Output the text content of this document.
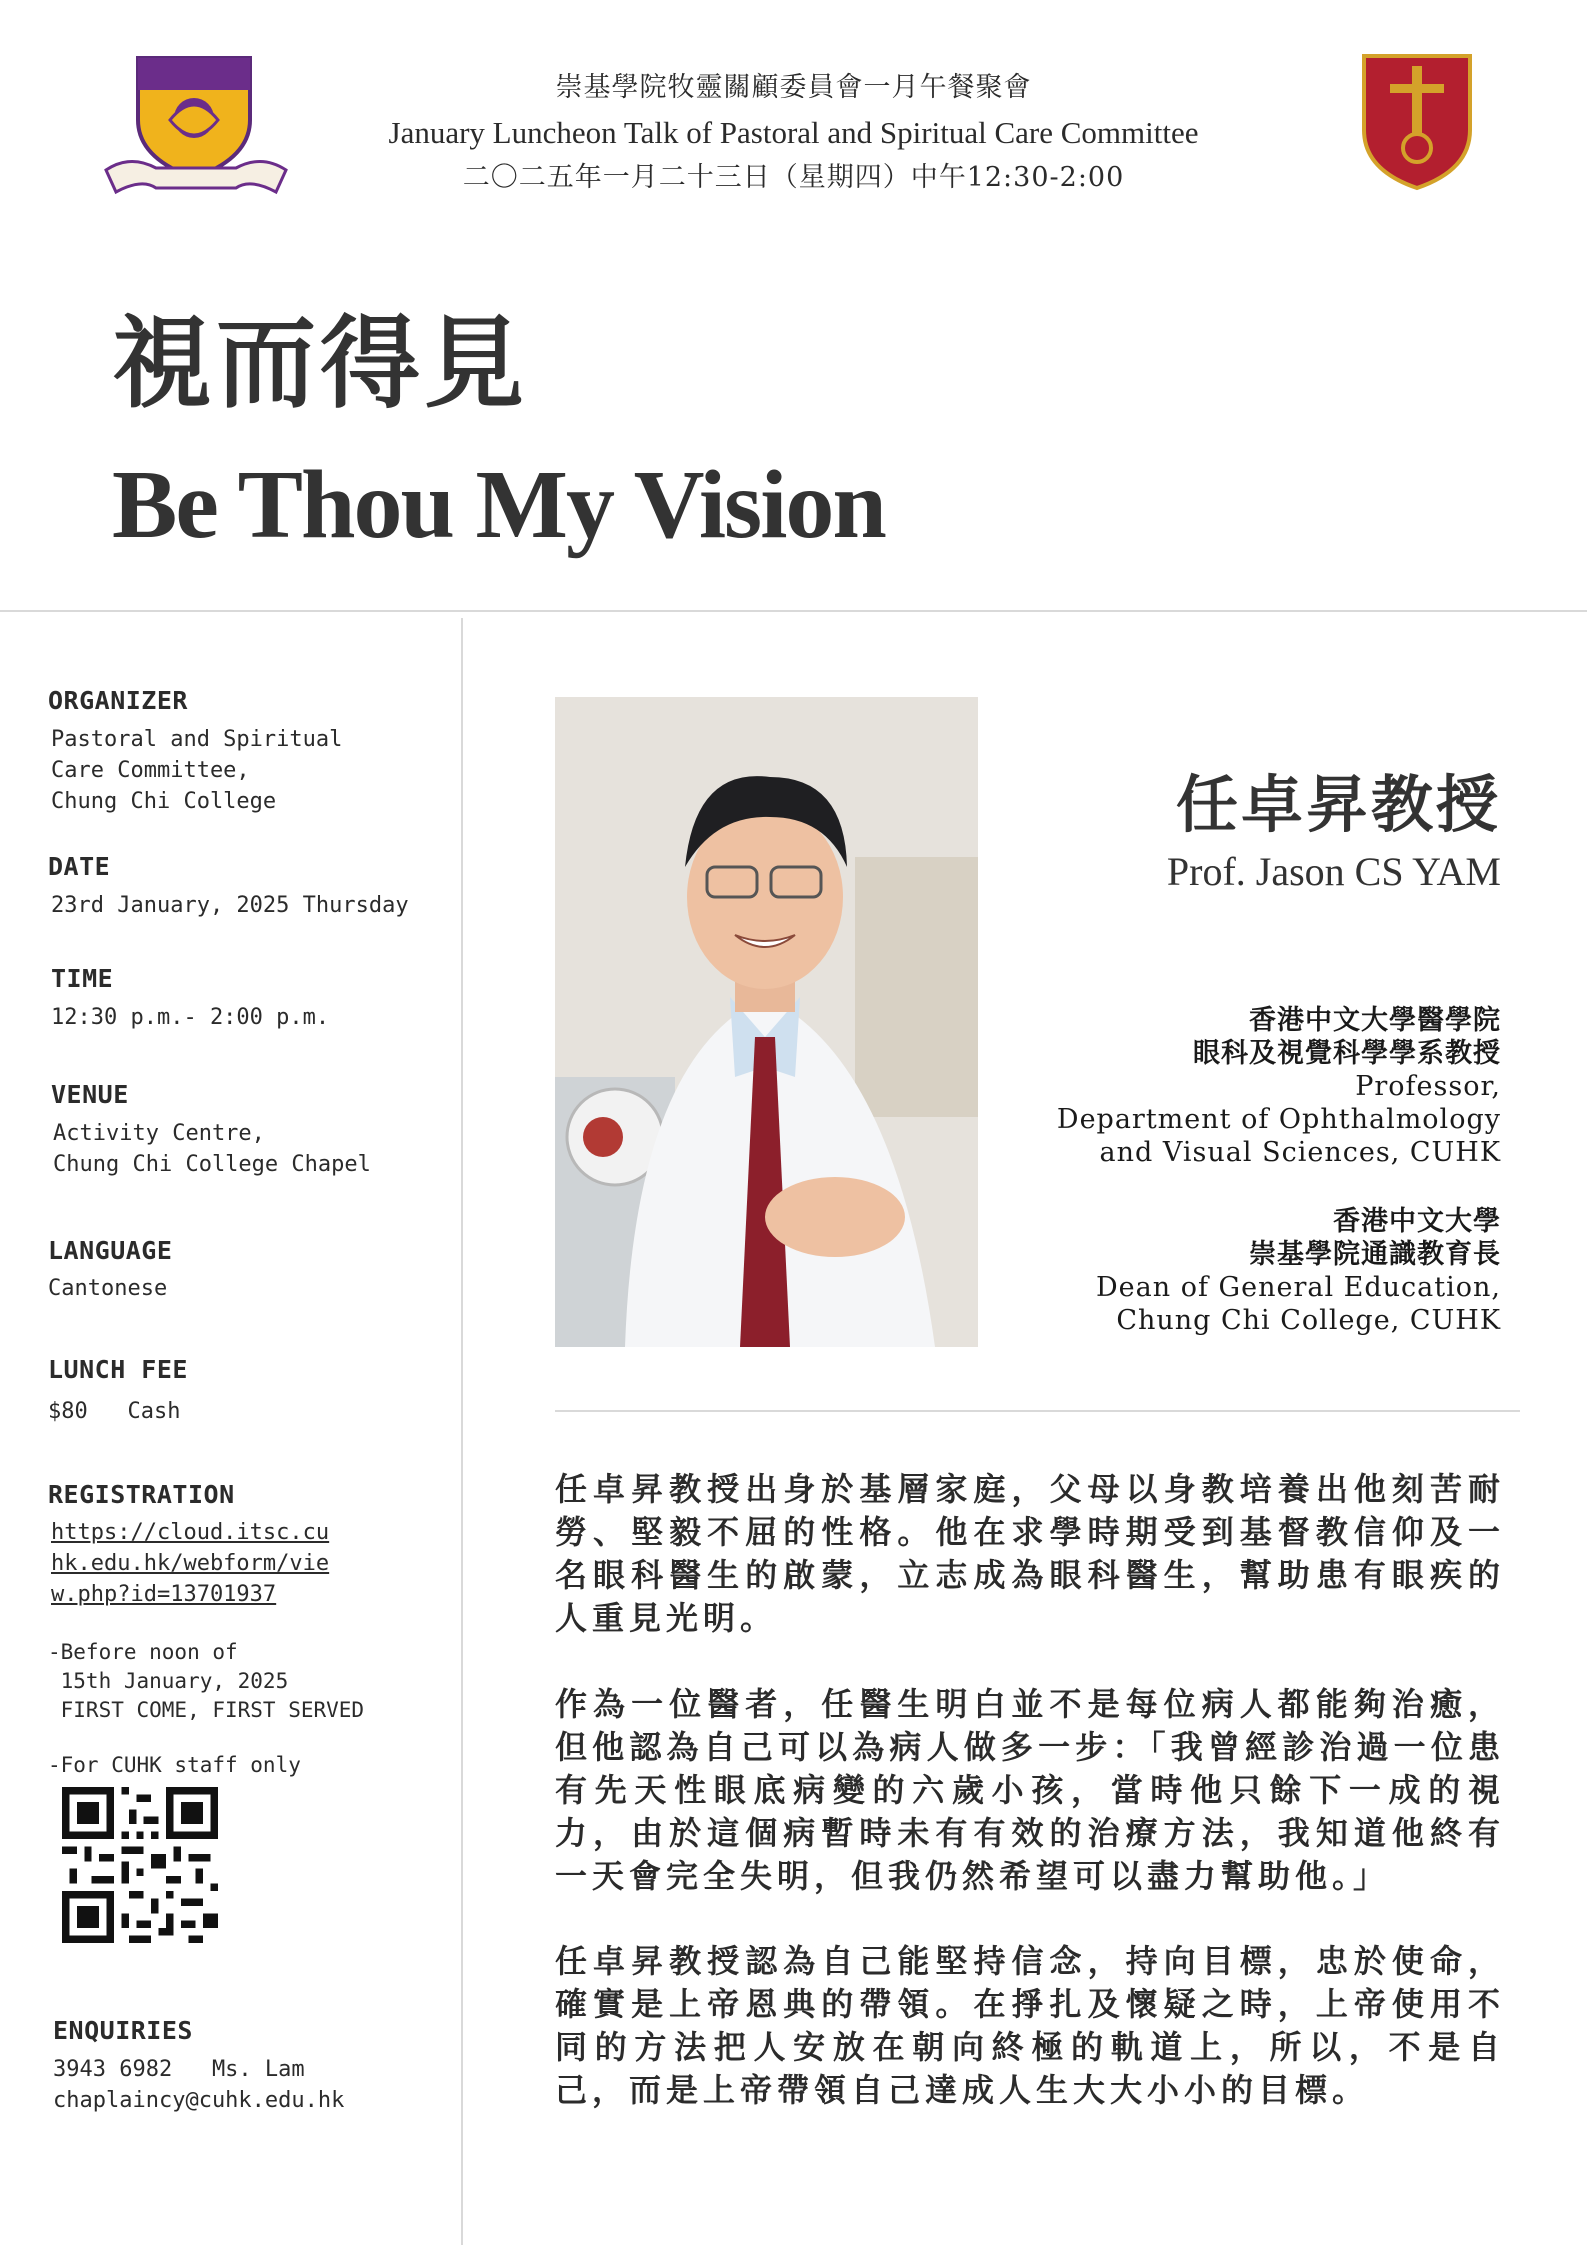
崇基學院牧靈關顧委員會一月午餐聚會
January Luncheon Talk of Pastoral and Spiritual Care Committee
二〇二五年一月二十三日（星期四）中午12:30-2:00
視而得見
Be Thou My Vision
ORGANIZER
Pastoral and Spiritual
Care Committee,
Chung Chi College
DATE
23rd January, 2025 Thursday
TIME
12:30 p.m.- 2:00 p.m.
VENUE
Activity Centre,
Chung Chi College Chapel
LANGUAGE
Cantonese
LUNCH FEE
$80   Cash
REGISTRATION
https://cloud.itsc.cu
hk.edu.hk/webform/vie
w.php?id=13701937
-Before noon of
15th January, 2025
FIRST COME, FIRST SERVED
-For CUHK staff only
ENQUIRIES
3943 6982   Ms. Lam
chaplaincy@cuhk.edu.hk
任卓昇教授
Prof. Jason CS YAM
香港中文大學醫學院
眼科及視覺科學學系教授
Professor,
Department of Ophthalmology
and Visual Sciences, CUHK
香港中文大學
崇基學院通識教育長
Dean of General Education,
Chung Chi College, CUHK
任卓昇教授出身於基層家庭，父母以身教培養出他刻苦耐勞、堅毅不屈的性格。他在求學時期受到基督教信仰及一名眼科醫生的啟蒙，立志成為眼科醫生，幫助患有眼疾的人重見光明。
作為一位醫者，任醫生明白並不是每位病人都能夠治癒，但他認為自己可以為病人做多一步：「我曾經診治過一位患有先天性眼底病變的六歲小孩，當時他只餘下一成的視力，由於這個病暫時未有有效的治療方法，我知道他終有一天會完全失明，但我仍然希望可以盡力幫助他。」
任卓昇教授認為自己能堅持信念，持向目標，忠於使命，確實是上帝恩典的帶領。在掙扎及懷疑之時，上帝使用不同的方法把人安放在朝向終極的軌道上，所以，不是自己，而是上帝帶領自己達成人生大大小小的目標。
